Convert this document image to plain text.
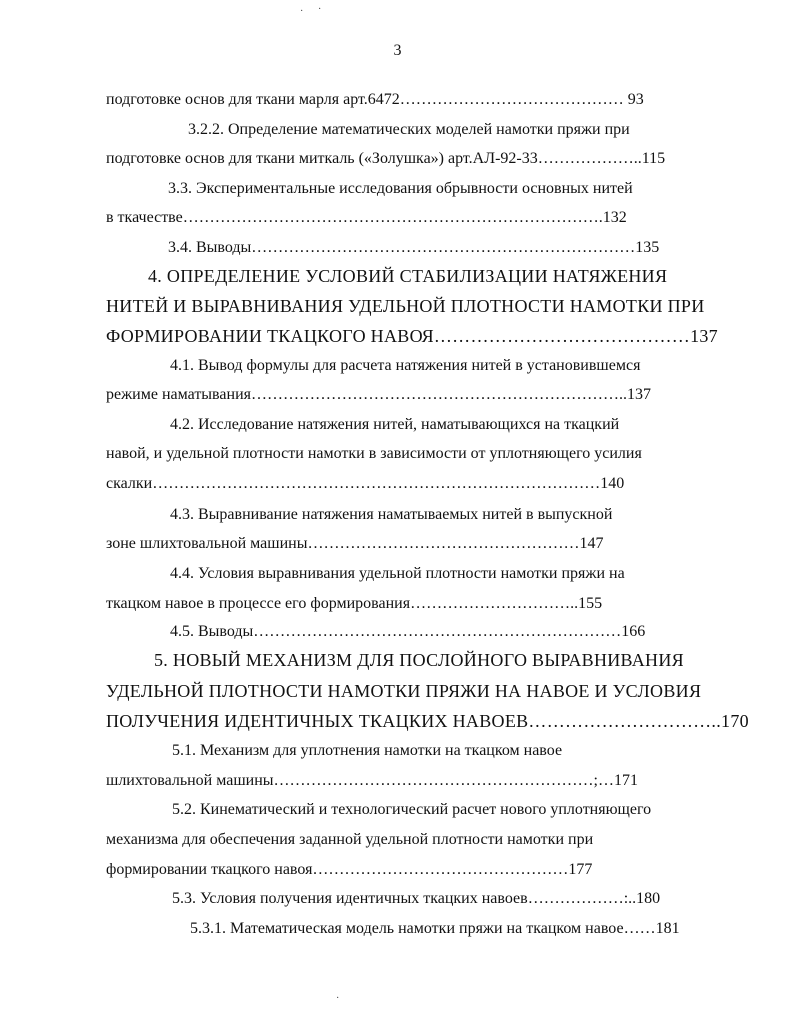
3
подготовке основ для ткани марля арт.6472…………………………………… 93
3.2.2. Определение математических моделей намотки пряжи при
подготовке основ для ткани миткаль («Золушка») арт.АЛ-92-33………………..115
3.3. Экспериментальные исследования обрывности основных нитей
в ткачестве…………………………………………………………………….132
3.4. Выводы………………………………………………………………135
4. ОПРЕДЕЛЕНИЕ УСЛОВИЙ СТАБИЛИЗАЦИИ НАТЯЖЕНИЯ
НИТЕЙ И ВЫРАВНИВАНИЯ УДЕЛЬНОЙ ПЛОТНОСТИ НАМОТКИ ПРИ
ФОРМИРОВАНИИ ТКАЦКОГО НАВОЯ……………………………………137
4.1. Вывод формулы для расчета натяжения нитей в установившемся
режиме наматывания……………………………………………………………..137
4.2. Исследование натяжения нитей, наматывающихся на ткацкий
навой, и удельной плотности намотки в зависимости от уплотняющего усилия
скалки…………………………………………………………………………140
4.3. Выравнивание натяжения наматываемых нитей в выпускной
зоне шлихтовальной машины……………………………………………147
4.4. Условия выравнивания удельной плотности намотки пряжи на
ткацком навое в процессе его формирования…………………………..155
4.5. Выводы……………………………………………………………166
5. НОВЫЙ МЕХАНИЗМ ДЛЯ ПОСЛОЙНОГО ВЫРАВНИВАНИЯ
УДЕЛЬНОЙ ПЛОТНОСТИ НАМОТКИ ПРЯЖИ НА НАВОЕ И УСЛОВИЯ
ПОЛУЧЕНИЯ ИДЕНТИЧНЫХ ТКАЦКИХ НАВОЕВ…………………………..170
5.1. Механизм для уплотнения намотки на ткацком навое
шлихтовальной машины……………………………………………………;…171
5.2. Кинематический и технологический расчет нового уплотняющего
механизма для обеспечения заданной удельной плотности намотки при
формировании ткацкого навоя…………………………………………177
5.3. Условия получения идентичных ткацких навоев………………:..180
5.3.1. Математическая модель намотки пряжи на ткацком навое……181
· ·
·
